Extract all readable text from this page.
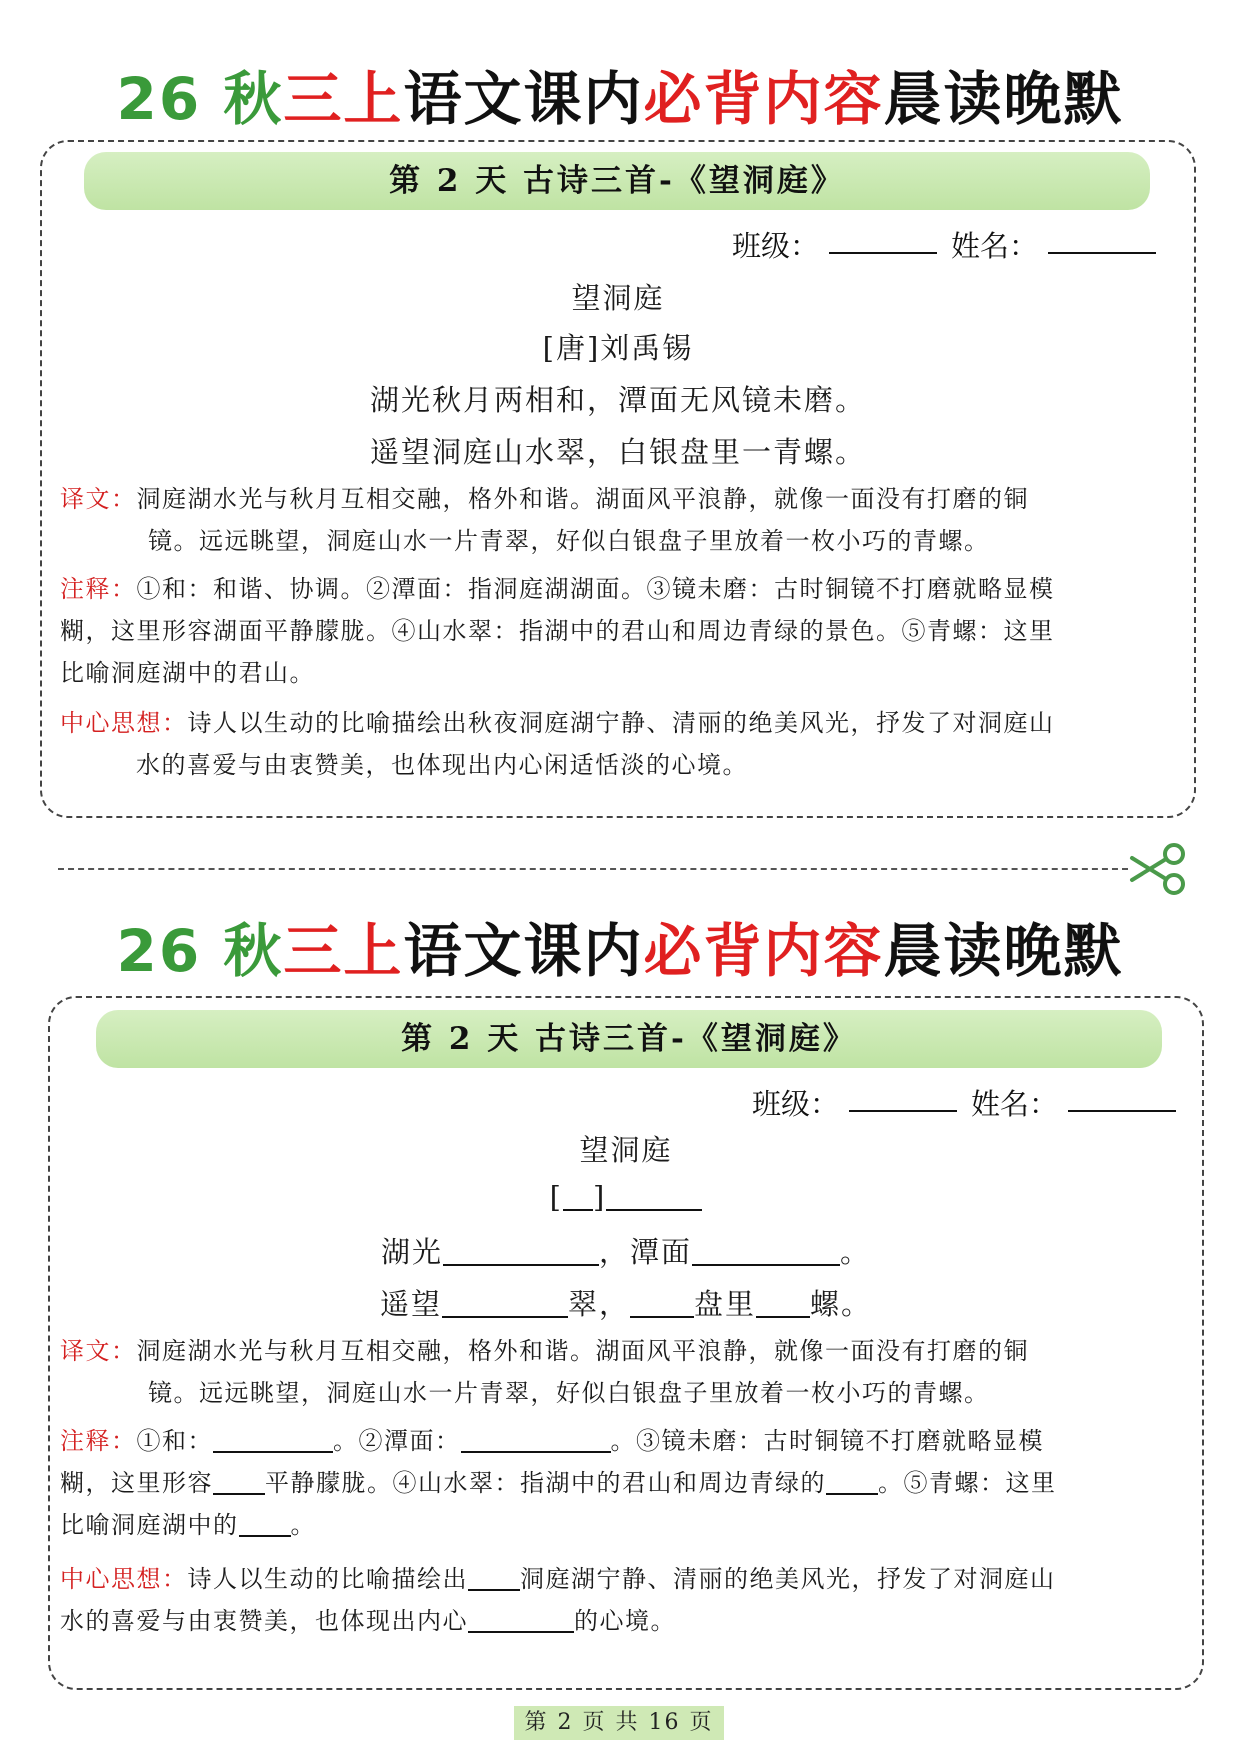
26 秋三上语文课内必背内容晨读晚默
第 2 天 古诗三首-《望洞庭》
班级：	姓名：
望洞庭
[唐]刘禹锡
湖光秋月两相和，潭面无风镜未磨。
遥望洞庭山水翠，白银盘里一青螺。
译文：洞庭湖水光与秋月互相交融，格外和谐。湖面风平浪静，就像一面没有打磨的铜
镜。远远眺望，洞庭山水一片青翠，好似白银盘子里放着一枚小巧的青螺。
注释：①和：和谐、协调。②潭面：指洞庭湖湖面。③镜未磨：古时铜镜不打磨就略显模
糊，这里形容湖面平静朦胧。④山水翠：指湖中的君山和周边青绿的景色。⑤青螺：这里
比喻洞庭湖中的君山。
中心思想：诗人以生动的比喻描绘出秋夜洞庭湖宁静、清丽的绝美风光，抒发了对洞庭山
水的喜爱与由衷赞美，也体现出内心闲适恬淡的心境。
26 秋三上语文课内必背内容晨读晚默
第 2 天 古诗三首-《望洞庭》
班级：	姓名：
望洞庭
[ ]
湖光	，潭面	。
遥望	翠， 盘里 螺。
译文：洞庭湖水光与秋月互相交融，格外和谐。湖面风平浪静，就像一面没有打磨的铜
镜。远远眺望，洞庭山水一片青翠，好似白银盘子里放着一枚小巧的青螺。
注释：①和：	。②潭面：	。③镜未磨：古时铜镜不打磨就略显模
糊，这里形容 平静朦胧。④山水翠：指湖中的君山和周边青绿的 。⑤青螺：这里
比喻洞庭湖中的 。
中心思想：诗人以生动的比喻描绘出 洞庭湖宁静、清丽的绝美风光，抒发了对洞庭山
水的喜爱与由衷赞美，也体现出内心	的心境。
第 2 页 共 16 页
